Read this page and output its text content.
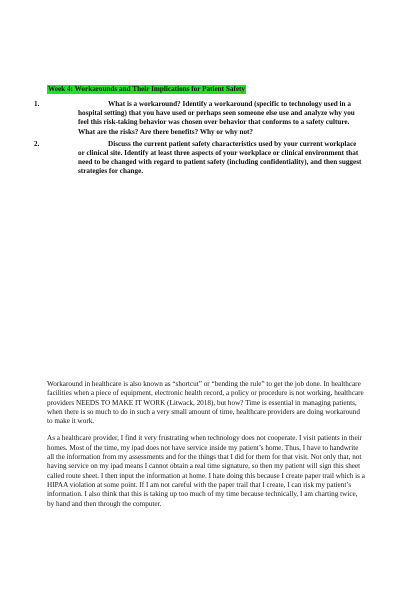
Week 4: Workarounds and Their Implications for Patient Safety
1.	What is a workaround? Identify a workaround (specific to technology used in a hospital setting) that you have used or perhaps seen someone else use and analyze why you feel this risk-taking behavior was chosen over behavior that conforms to a safety culture. What are the risks? Are there benefits? Why or why not?
2.	Discuss the current patient safety characteristics used by your current workplace or clinical site. Identify at least three aspects of your workplace or clinical environment that need to be changed with regard to patient safety (including confidentiality), and then suggest strategies for change.

Workaround in healthcare is also known as “shortcut” or “bending the rule” to get the job done. In healthcare facilities when a piece of equipment, electronic health record, a policy or procedure is not working, healthcare providers NEEDS TO MAKE IT WORK (Litwack, 2018), but how? Time is essential in managing patients, when there is so much to do in such a very small amount of time, healthcare providers are doing workaround to make it work.

As a healthcare provider, I find it very frustrating when technology does not cooperate. I visit patients in their homes. Most of the time, my ipad does not have service inside my patient’s home. Thus, I have to handwrite all the information from my assessments and for the things that I did for them for that visit. Not only that, not having service on my ipad means I cannot obtain a real time signature, so then my patient will sign this sheet called route sheet. I then input the information at home. I hate doing this because I create paper trail which is a HIPAA violation at some point. If I am not careful with the paper trail that I create, I can risk my patient’s information. I also think that this is taking up too much of my time because technically, I am charting twice, by hand and then through the computer.
